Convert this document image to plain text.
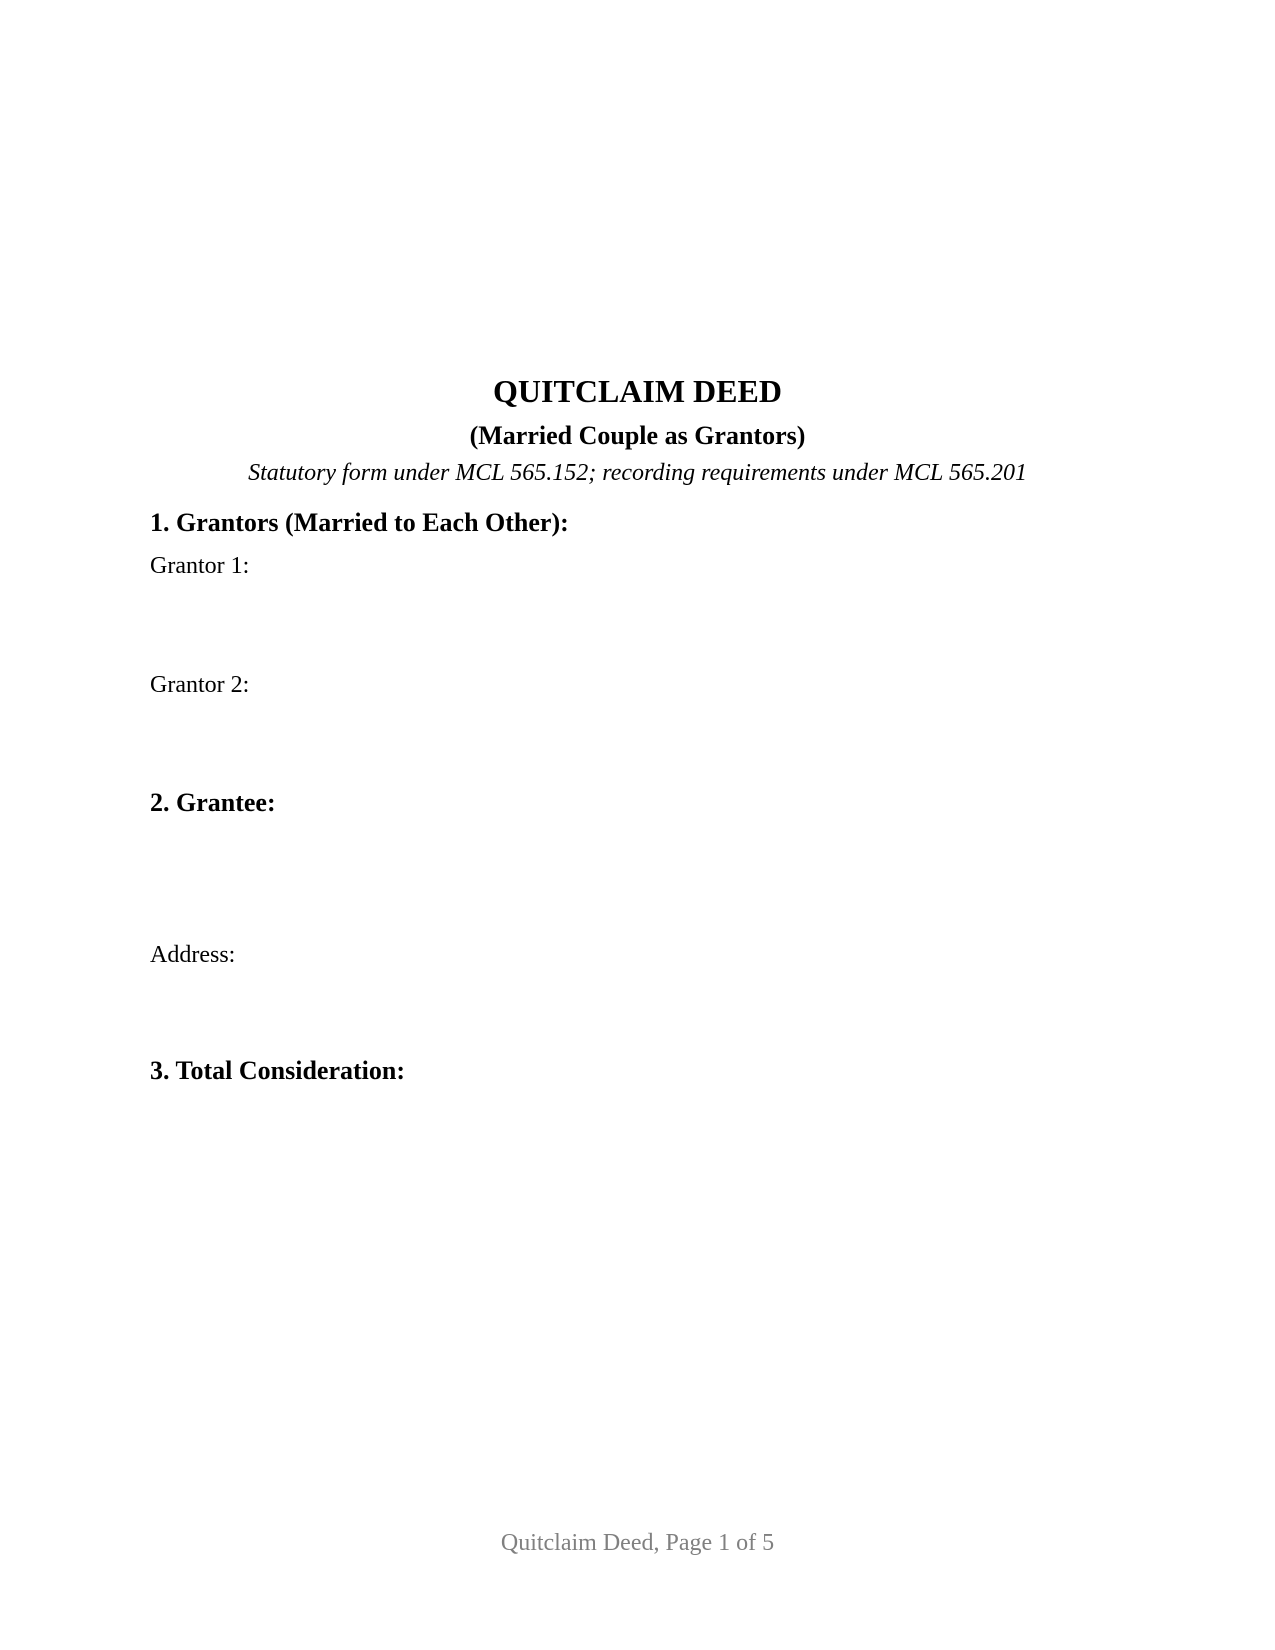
QUITCLAIM DEED
(Married Couple as Grantors)
Statutory form under MCL 565.152; recording requirements under MCL 565.201
1. Grantors (Married to Each Other):
Grantor 1:
Grantor 2:
2. Grantee:
Address:
3. Total Consideration:
Quitclaim Deed, Page 1 of 5
